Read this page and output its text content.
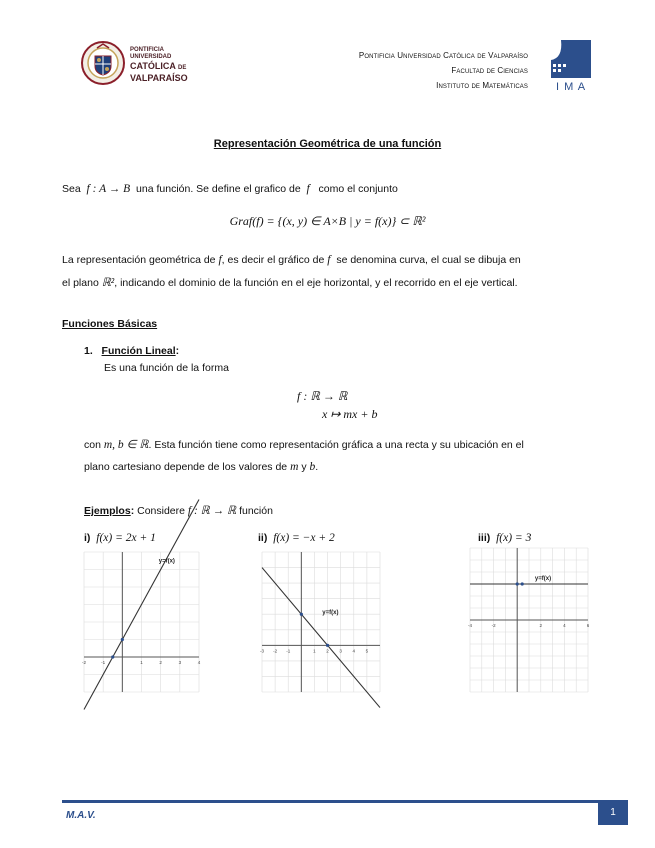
PONTIFICIA
UNIVERSIDAD
CATÓLICA DE
VALPARAÍSO
Pontificia Universidad Católica de Valparaíso
Facultad de Ciencias
Instituto de Matemáticas	I M A
Representación Geométrica de una función
Sea f : A → B una función. Se define el grafico de f como el conjunto
Graf(f) = {(x, y) ∈ A×B | y = f(x)} ⊂ ℝ²
La representación geométrica de f, es decir el gráfico de f se denomina curva, el cual se dibuja en
el plano ℝ², indicando el dominio de la función en el eje horizontal, y el recorrido en el eje vertical.
Funciones Básicas
1. Función Lineal:
Es una función de la forma
f : ℝ → ℝ
x ↦ mx + b
con m, b ∈ ℝ. Esta función tiene como representación gráfica a una recta y su ubicación en el
plano cartesiano depende de los valores de m y b.
Ejemplos: Considere f : ℝ → ℝ función
i) f(x) = 2x + 1	ii) f(x) = −x + 2	iii) f(x) = 3
-2	-1	1	2	3	4
y=f(x)
-3 -2 -1	1 2 3 4 5
y=f(x)
-4	-2	2	4	6
y=f(x)
M.A.V.	1
